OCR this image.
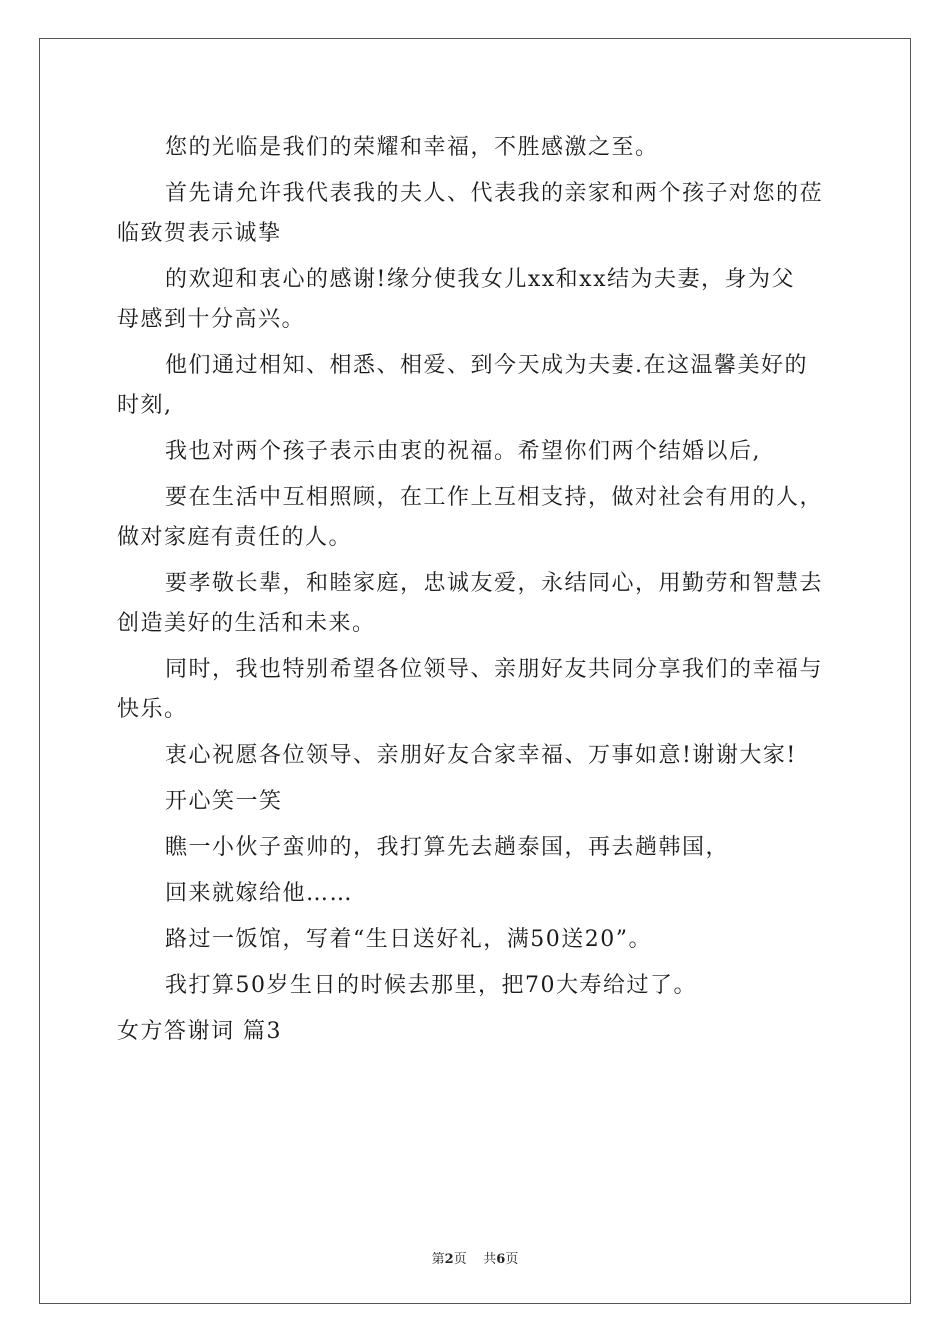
您的光临是我们的荣耀和幸福，不胜感激之至。

首先请允许我代表我的夫人、代表我的亲家和两个孩子对您的莅
临致贺表示诚挚

的欢迎和衷心的感谢!缘分使我女儿xx和xx结为夫妻，身为父
母感到十分高兴。

他们通过相知、相悉、相爱、到今天成为夫妻.在这温馨美好的
时刻,

我也对两个孩子表示由衷的祝福。希望你们两个结婚以后,

要在生活中互相照顾，在工作上互相支持，做对社会有用的人，
做对家庭有责任的人。

要孝敬长辈，和睦家庭，忠诚友爱，永结同心，用勤劳和智慧去
创造美好的生活和未来。

同时，我也特别希望各位领导、亲朋好友共同分享我们的幸福与
快乐。

衷心祝愿各位领导、亲朋好友合家幸福、万事如意!谢谢大家!

开心笑一笑

瞧一小伙子蛮帅的，我打算先去趟泰国，再去趟韩国，

回来就嫁给他……

路过一饭馆，写着“生日送好礼，满50送20”。

我打算50岁生日的时候去那里，把70大寿给过了。

女方答谢词 篇3

第2页 共6页
